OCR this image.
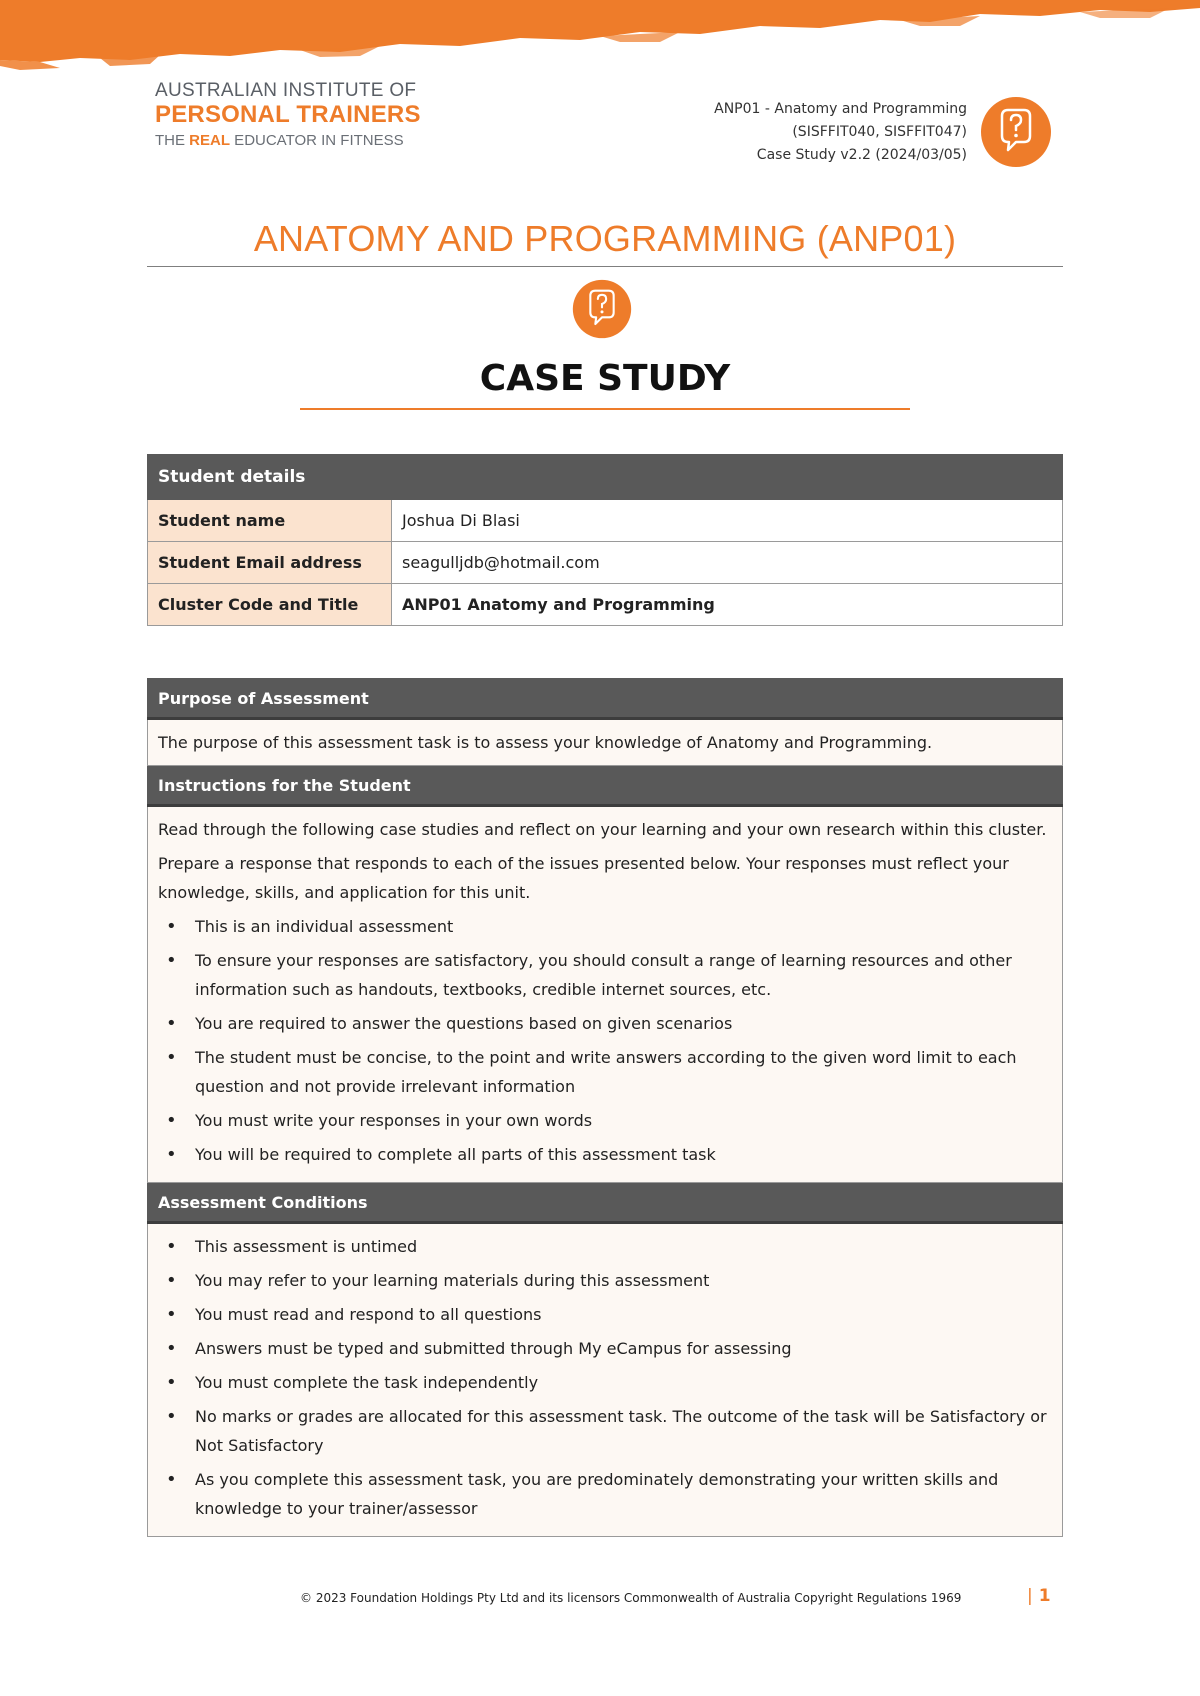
AUSTRALIAN INSTITUTE OF
PERSONAL TRAINERS
THE REAL EDUCATOR IN FITNESS
ANP01 - Anatomy and Programming
(SISFFIT040, SISFFIT047)
Case Study v2.2 (2024/03/05)
ANATOMY AND PROGRAMMING (ANP01)
CASE STUDY
Student details	
Student name	Joshua Di Blasi
Student Email address	seagulljdb@hotmail.com
Cluster Code and Title	ANP01 Anatomy and Programming
Purpose of Assessment
The purpose of this assessment task is to assess your knowledge of Anatomy and Programming.
Instructions for the Student

Read through the following case studies and reflect on your learning and your own research within this cluster.

Prepare a response that responds to each of the issues presented below. Your responses must reflect your knowledge, skills, and application for this unit.

• This is an individual assessment
• To ensure your responses are satisfactory, you should consult a range of learning resources and other information such as handouts, textbooks, credible internet sources, etc.
• You are required to answer the questions based on given scenarios
• The student must be concise, to the point and write answers according to the given word limit to each question and not provide irrelevant information
• You must write your responses in your own words
• You will be required to complete all parts of this assessment task

Assessment Conditions

• This assessment is untimed
• You may refer to your learning materials during this assessment
• You must read and respond to all questions
• Answers must be typed and submitted through My eCampus for assessing
• You must complete the task independently
• No marks or grades are allocated for this assessment task. The outcome of the task will be Satisfactory or Not Satisfactory
• As you complete this assessment task, you are predominately demonstrating your written skills and knowledge to your trainer/assessor
© 2023 Foundation Holdings Pty Ltd and its licensors Commonwealth of Australia Copyright Regulations 1969	| 1
